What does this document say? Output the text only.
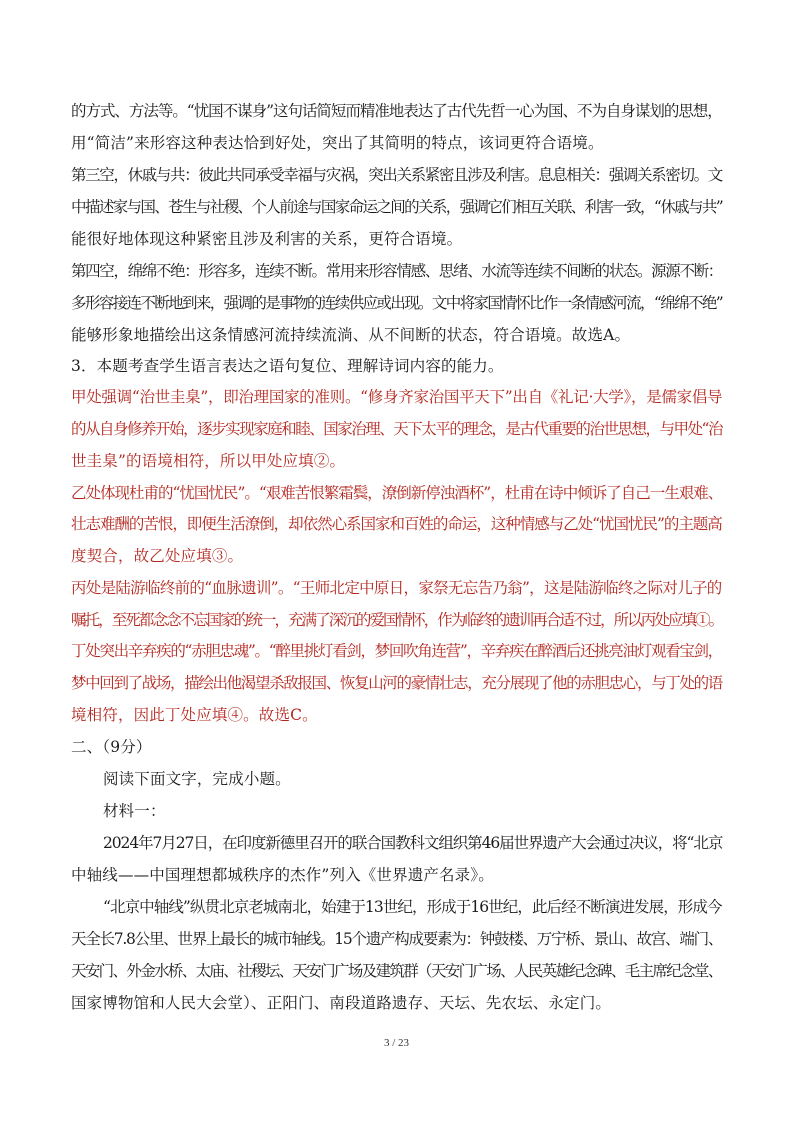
的方式、方法等。“忧国不谋身”这句话简短而精准地表达了古代先哲一心为国、不为自身谋划的思想，

用“简洁”来形容这种表达恰到好处，突出了其简明的特点，该词更符合语境。

第三空，休戚与共：彼此共同承受幸福与灾祸，突出关系紧密且涉及利害。息息相关：强调关系密切。文

中描述家与国、苍生与社稷、个人前途与国家命运之间的关系，强调它们相互关联、利害一致，“休戚与共”

能很好地体现这种紧密且涉及利害的关系，更符合语境。

第四空，绵绵不绝：形容多，连续不断。常用来形容情感、思绪、水流等连续不间断的状态。源源不断：

多形容接连不断地到来，强调的是事物的连续供应或出现。文中将家国情怀比作一条情感河流，“绵绵不绝”

能够形象地描绘出这条情感河流持续流淌、从不间断的状态，符合语境。故选A。

3．本题考查学生语言表达之语句复位、理解诗词内容的能力。

甲处强调“治世圭臬”，即治理国家的准则。“修身齐家治国平天下”出自《礼记·大学》，是儒家倡导

的从自身修养开始，逐步实现家庭和睦、国家治理、天下太平的理念，是古代重要的治世思想，与甲处“治

世圭臬”的语境相符，所以甲处应填②。

乙处体现杜甫的“忧国忧民”。“艰难苦恨繁霜鬓，潦倒新停浊酒杯”，杜甫在诗中倾诉了自己一生艰难、

壮志难酬的苦恨，即便生活潦倒，却依然心系国家和百姓的命运，这种情感与乙处“忧国忧民”的主题高

度契合，故乙处应填③。

丙处是陆游临终前的“血脉遗训”。“王师北定中原日，家祭无忘告乃翁”，这是陆游临终之际对儿子的

嘱托，至死都念念不忘国家的统一，充满了深沉的爱国情怀，作为临终的遗训再合适不过，所以丙处应填①。

丁处突出辛弃疾的“赤胆忠魂”。“醉里挑灯看剑，梦回吹角连营”，辛弃疾在醉酒后还挑亮油灯观看宝剑，

梦中回到了战场，描绘出他渴望杀敌报国、恢复山河的豪情壮志，充分展现了他的赤胆忠心，与丁处的语

境相符，因此丁处应填④。故选C。

二、（9分）

阅读下面文字，完成小题。

材料一：

2024年7月27日，在印度新德里召开的联合国教科文组织第46届世界遗产大会通过决议，将“北京

中轴线——中国理想都城秩序的杰作”列入《世界遗产名录》。

“北京中轴线”纵贯北京老城南北，始建于13世纪，形成于16世纪，此后经不断演进发展，形成今

天全长7.8公里、世界上最长的城市轴线。15个遗产构成要素为：钟鼓楼、万宁桥、景山、故宫、端门、

天安门、外金水桥、太庙、社稷坛、天安门广场及建筑群（天安门广场、人民英雄纪念碑、毛主席纪念堂、

国家博物馆和人民大会堂）、正阳门、南段道路遗存、天坛、先农坛、永定门。

3 / 23
